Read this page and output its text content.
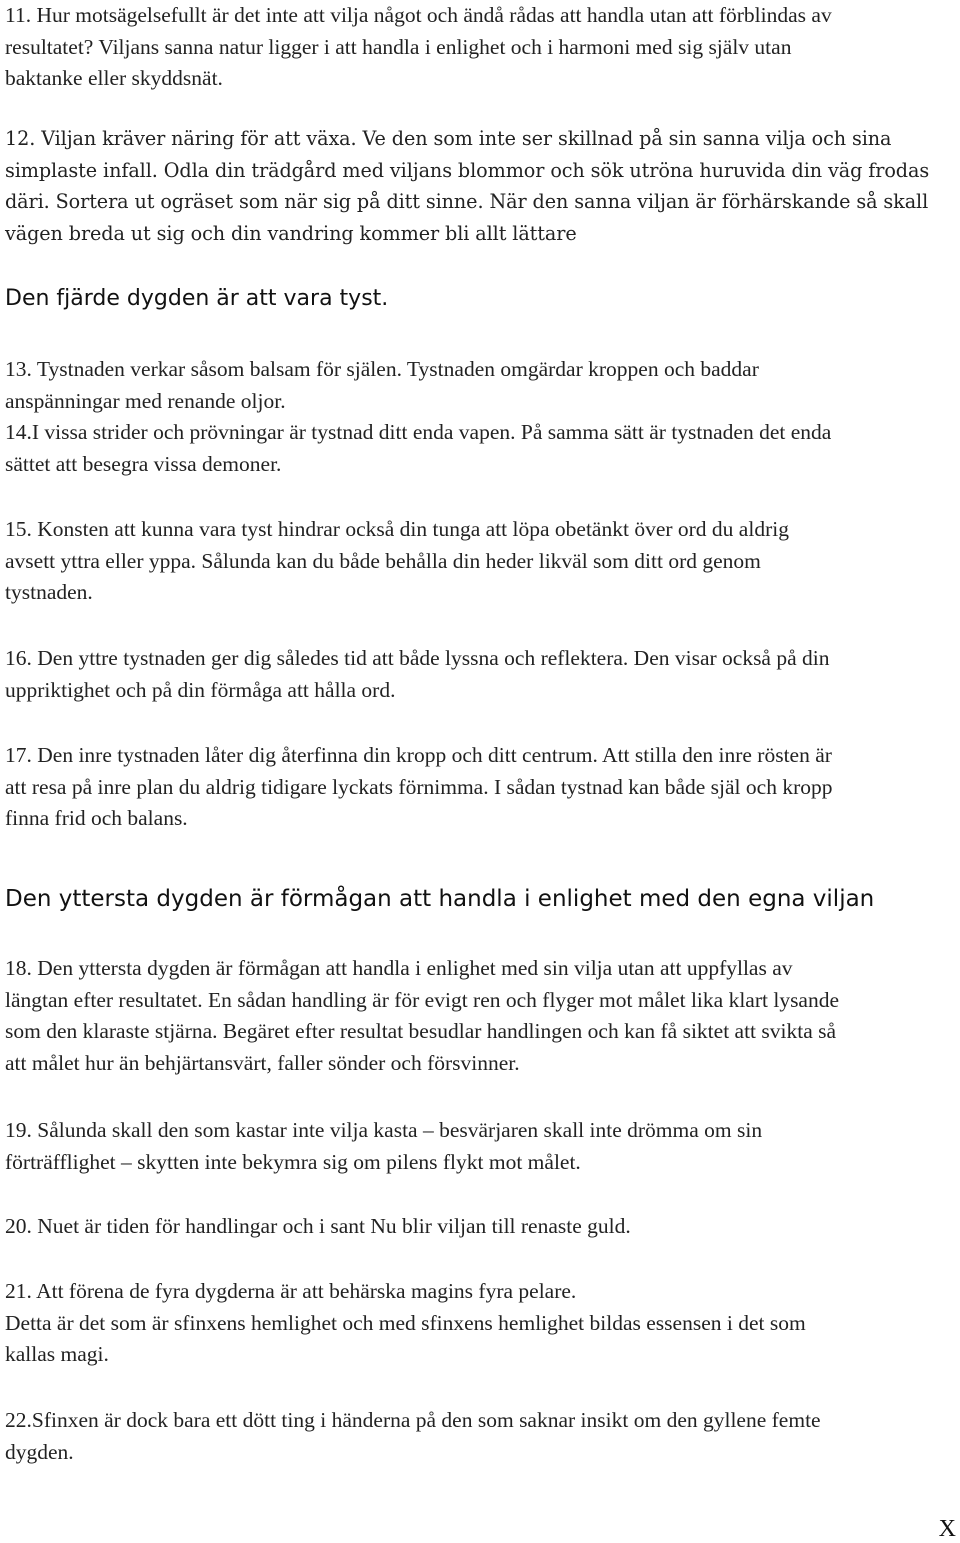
11. Hur motsägelsefullt är det inte att vilja något och ändå rådas att handla utan att förblindas av
resultatet? Viljans sanna natur ligger i att handla i enlighet och i harmoni med sig själv utan
baktanke eller skyddsnät.
12. Viljan kräver näring för att växa. Ve den som inte ser skillnad på sin sanna vilja och sina
simplaste infall. Odla din trädgård med viljans blommor och sök utröna huruvida din väg frodas
däri. Sortera ut ogräset som när sig på ditt sinne. När den sanna viljan är förhärskande så skall
vägen breda ut sig och din vandring kommer bli allt lättare
Den fjärde dygden är att vara tyst.
13. Tystnaden verkar såsom balsam för själen. Tystnaden omgärdar kroppen och baddar
anspänningar med renande oljor.
14.I vissa strider och prövningar är tystnad ditt enda vapen. På samma sätt är tystnaden det enda
sättet att besegra vissa demoner.
15. Konsten att kunna vara tyst hindrar också din tunga att löpa obetänkt över ord du aldrig
avsett yttra eller yppa. Sålunda kan du både behålla din heder likväl som ditt ord genom
tystnaden.
16. Den yttre tystnaden ger dig således tid att både lyssna och reflektera. Den visar också på din
uppriktighet och på din förmåga att hålla ord.
17. Den inre tystnaden låter dig återfinna din kropp och ditt centrum. Att stilla den inre rösten är
att resa på inre plan du aldrig tidigare lyckats förnimma. I sådan tystnad kan både själ och kropp
finna frid och balans.
Den yttersta dygden är förmågan att handla i enlighet med den egna viljan
18. Den yttersta dygden är förmågan att handla i enlighet med sin vilja utan att uppfyllas av
längtan efter resultatet. En sådan handling är för evigt ren och flyger mot målet lika klart lysande
som den klaraste stjärna. Begäret efter resultat besudlar handlingen och kan få siktet att svikta så
att målet hur än behjärtansvärt, faller sönder och försvinner.
19. Sålunda skall den som kastar inte vilja kasta – besvärjaren skall inte drömma om sin
förträfflighet – skytten inte bekymra sig om pilens flykt mot målet.
20. Nuet är tiden för handlingar och i sant Nu blir viljan till renaste guld.
21. Att förena de fyra dygderna är att behärska magins fyra pelare.
Detta är det som är sfinxens hemlighet och med sfinxens hemlighet bildas essensen i det som
kallas magi.
22.Sfinxen är dock bara ett dött ting i händerna på den som saknar insikt om den gyllene femte
dygden.
X
